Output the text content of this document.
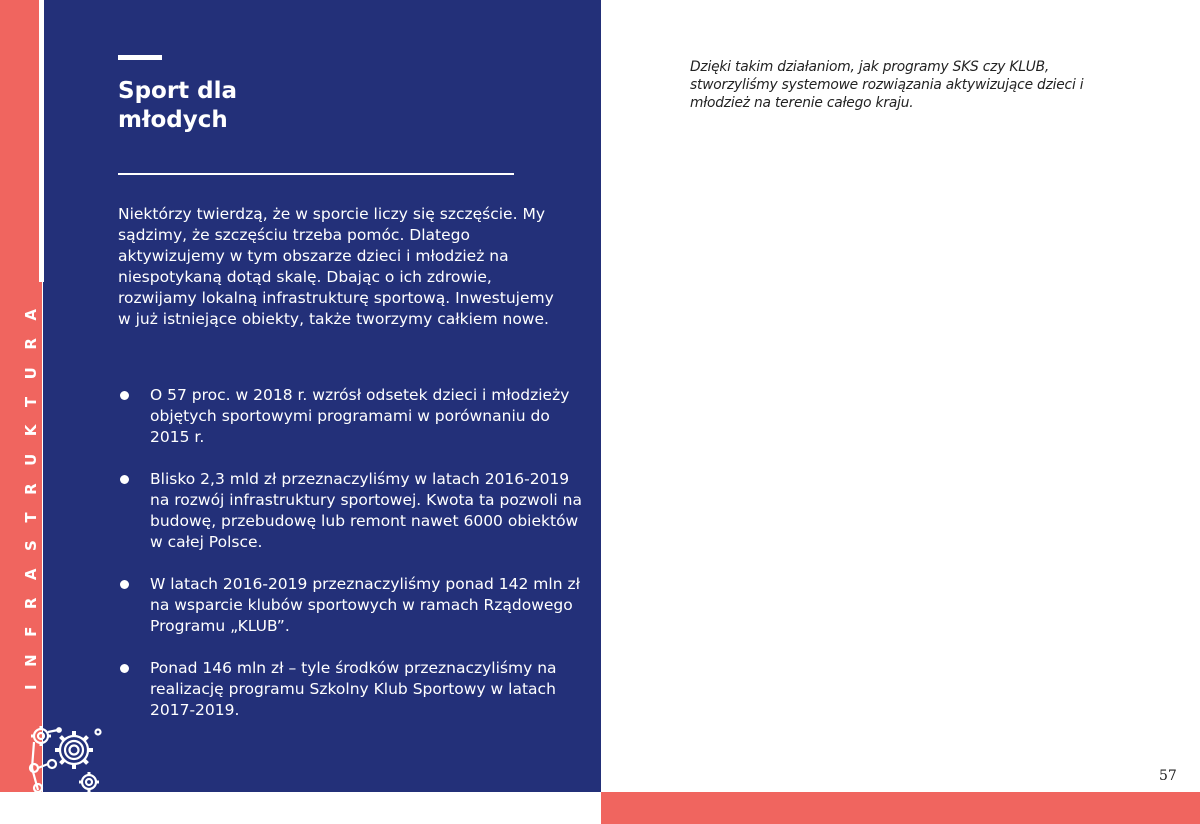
INFRASTRUKTURA
Sport dla
młodych

Niektórzy twierdzą, że w sporcie liczy się szczęście. My sądzimy, że szczęściu trzeba pomóc. Dlatego aktywizujemy w tym obszarze dzieci i młodzież na niespotykaną dotąd skalę. Dbając o ich zdrowie, rozwijamy lokalną infrastrukturę sportową. Inwestujemy w już istniejące obiekty, także tworzymy całkiem nowe.

O 57 proc. w 2018 r. wzrósł odsetek dzieci i młodzieży objętych sportowymi programami w porównaniu do 2015 r.
Blisko 2,3 mld zł przeznaczyliśmy w latach 2016-2019 na rozwój infrastruktury sportowej. Kwota ta pozwoli na budowę, przebudowę lub remont nawet 6000 obiektów w całej Polsce.
W latach 2016-2019 przeznaczyliśmy ponad 142 mln zł na wsparcie klubów sportowych w ramach Rządowego Programu „KLUB”.
Ponad 146 mln zł – tyle środków przeznaczyliśmy na realizację programu Szkolny Klub Sportowy w latach 2017-2019.

Dzięki takim działaniom, jak programy SKS czy KLUB, stworzyliśmy systemowe rozwiązania aktywizujące dzieci i młodzież na terenie całego kraju.

57
